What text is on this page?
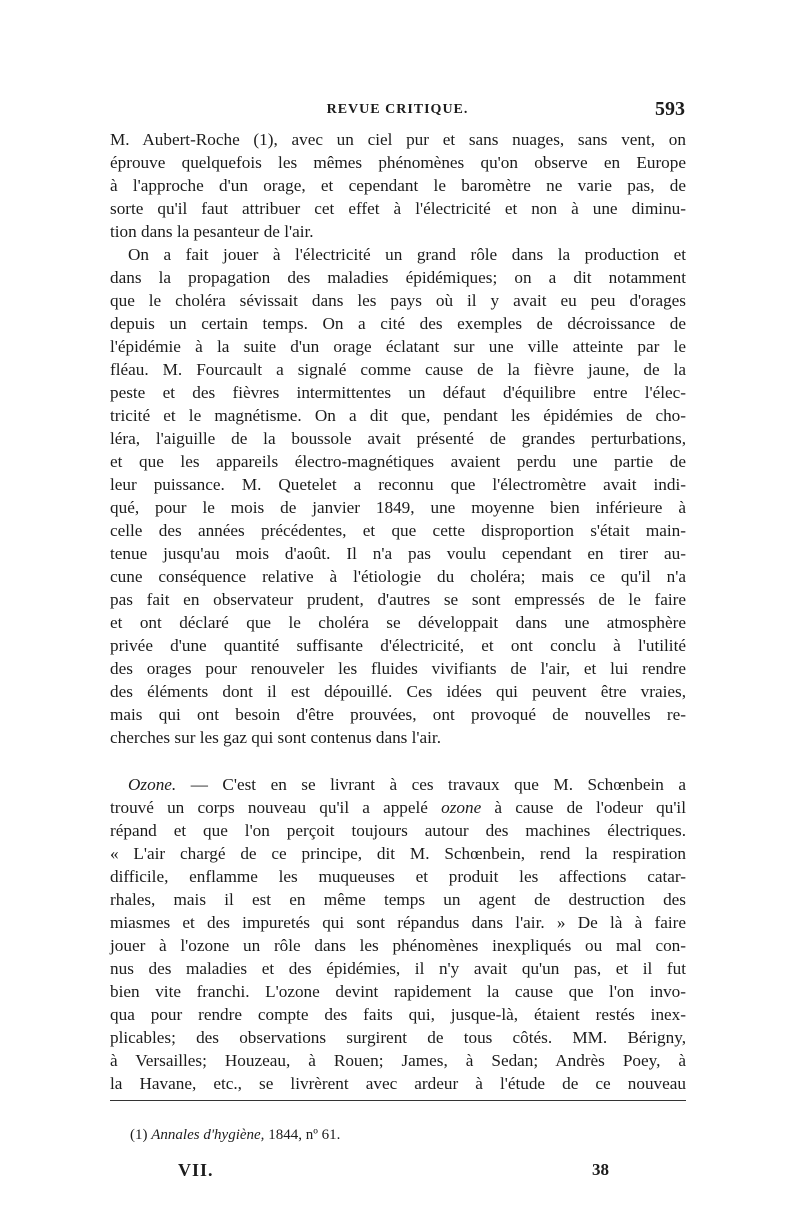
REVUE CRITIQUE.	593
M. Aubert-Roche (1), avec un ciel pur et sans nuages, sans vent, on
éprouve quelquefois les mêmes phénomènes qu'on observe en Europe
à l'approche d'un orage, et cependant le baromètre ne varie pas, de
sorte qu'il faut attribuer cet effet à l'électricité et non à une diminu-
tion dans la pesanteur de l'air.
On a fait jouer à l'électricité un grand rôle dans la production et
dans la propagation des maladies épidémiques; on a dit notamment
que le choléra sévissait dans les pays où il y avait eu peu d'orages
depuis un certain temps. On a cité des exemples de décroissance de
l'épidémie à la suite d'un orage éclatant sur une ville atteinte par le
fléau. M. Fourcault a signalé comme cause de la fièvre jaune, de la
peste et des fièvres intermittentes un défaut d'équilibre entre l'élec-
tricité et le magnétisme. On a dit que, pendant les épidémies de cho-
léra, l'aiguille de la boussole avait présenté de grandes perturbations,
et que les appareils électro-magnétiques avaient perdu une partie de
leur puissance. M. Quetelet a reconnu que l'électromètre avait indi-
qué, pour le mois de janvier 1849, une moyenne bien inférieure à
celle des années précédentes, et que cette disproportion s'était main-
tenue jusqu'au mois d'août. Il n'a pas voulu cependant en tirer au-
cune conséquence relative à l'étiologie du choléra; mais ce qu'il n'a
pas fait en observateur prudent, d'autres se sont empressés de le faire
et ont déclaré que le choléra se développait dans une atmosphère
privée d'une quantité suffisante d'électricité, et ont conclu à l'utilité
des orages pour renouveler les fluides vivifiants de l'air, et lui rendre
des éléments dont il est dépouillé. Ces idées qui peuvent être vraies,
mais qui ont besoin d'être prouvées, ont provoqué de nouvelles re-
cherches sur les gaz qui sont contenus dans l'air.
Ozone. — C'est en se livrant à ces travaux que M. Schœnbein a
trouvé un corps nouveau qu'il a appelé ozone à cause de l'odeur qu'il
répand et que l'on perçoit toujours autour des machines électriques.
« L'air chargé de ce principe, dit M. Schœnbein, rend la respiration
difficile, enflamme les muqueuses et produit les affections catar-
rhales, mais il est en même temps un agent de destruction des
miasmes et des impuretés qui sont répandus dans l'air. » De là à faire
jouer à l'ozone un rôle dans les phénomènes inexpliqués ou mal con-
nus des maladies et des épidémies, il n'y avait qu'un pas, et il fut
bien vite franchi. L'ozone devint rapidement la cause que l'on invo-
qua pour rendre compte des faits qui, jusque-là, étaient restés inex-
plicables; des observations surgirent de tous côtés. MM. Bérigny,
à Versailles; Houzeau, à Rouen; James, à Sedan; Andrès Poey, à
la Havane, etc., se livrèrent avec ardeur à l'étude de ce nouveau
(1) Annales d'hygiène, 1844, nº 61.
VII.	38
